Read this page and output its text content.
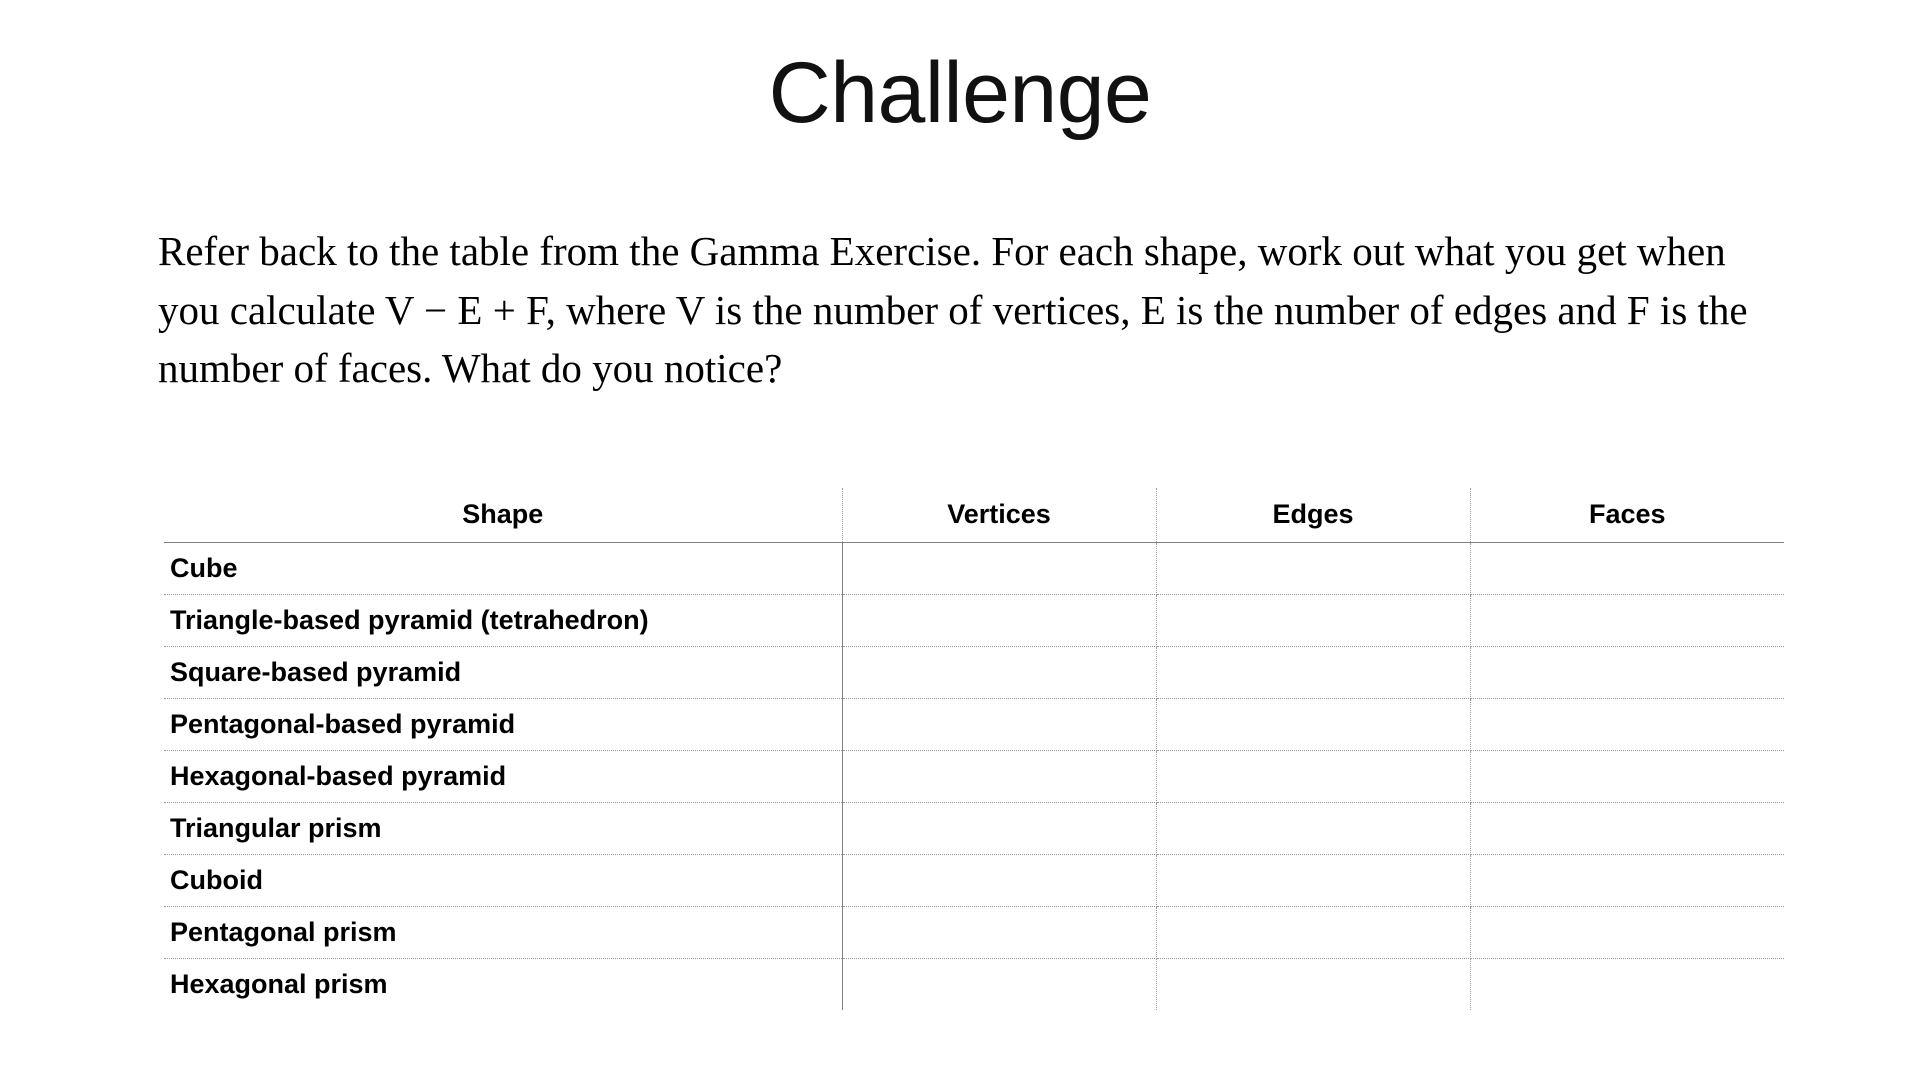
Challenge
Refer back to the table from the Gamma Exercise. For each shape, work out what you get when you calculate V − E + F, where V is the number of vertices, E is the number of edges and F is the number of faces. What do you notice?
Shape	Vertices	Edges	Faces
Cube			
Triangle-based pyramid (tetrahedron)			
Square-based pyramid			
Pentagonal-based pyramid			
Hexagonal-based pyramid			
Triangular prism			
Cuboid			
Pentagonal prism			
Hexagonal prism			
